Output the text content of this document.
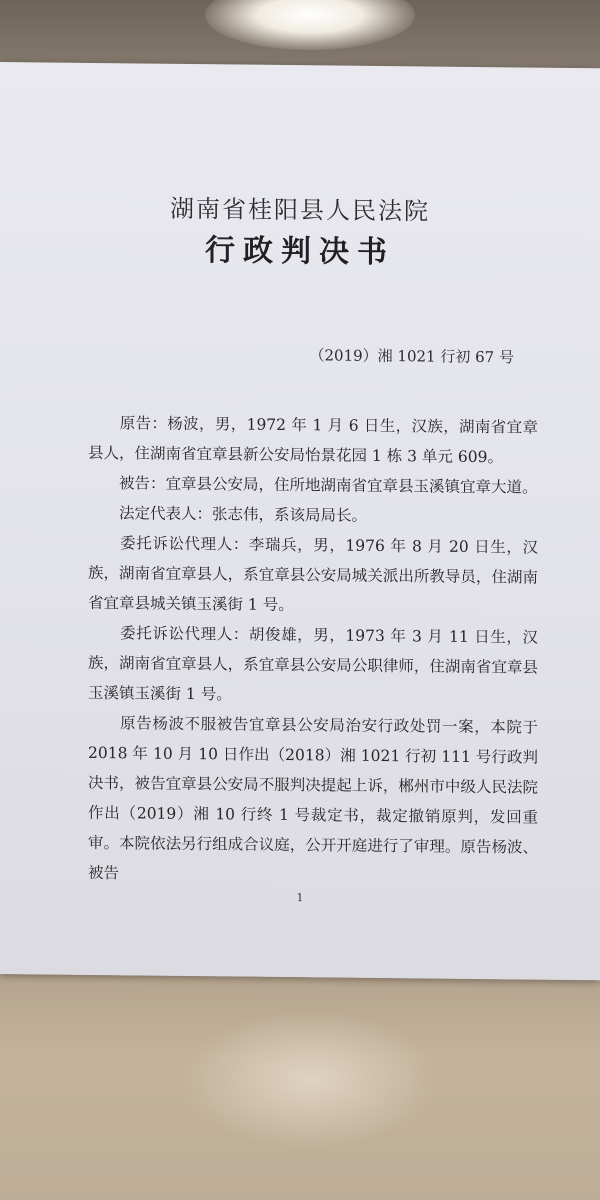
湖南省桂阳县人民法院
行政判决书
（2019）湘 1021 行初 67 号

　　原告：杨波，男，1972 年 1 月 6 日生，汉族，湖南省宜章县人，住湖南省宜章县新公安局怡景花园 1 栋 3 单元 609。

　　被告：宜章县公安局，住所地湖南省宜章县玉溪镇宜章大道。

　　法定代表人：张志伟，系该局局长。

　　委托诉讼代理人：李瑞兵，男，1976 年 8 月 20 日生，汉族，湖南省宜章县人，系宜章县公安局城关派出所教导员，住湖南省宜章县城关镇玉溪街 1 号。

　　委托诉讼代理人：胡俊雄，男，1973 年 3 月 11 日生，汉族，湖南省宜章县人，系宜章县公安局公职律师，住湖南省宜章县玉溪镇玉溪街 1 号。

　　原告杨波不服被告宜章县公安局治安行政处罚一案，本院于 2018 年 10 月 10 日作出（2018）湘 1021 行初 111 号行政判决书，被告宜章县公安局不服判决提起上诉，郴州市中级人民法院作出（2019）湘 10 行终 1 号裁定书，裁定撤销原判，发回重审。本院依法另行组成合议庭，公开开庭进行了审理。原告杨波、被告

1
